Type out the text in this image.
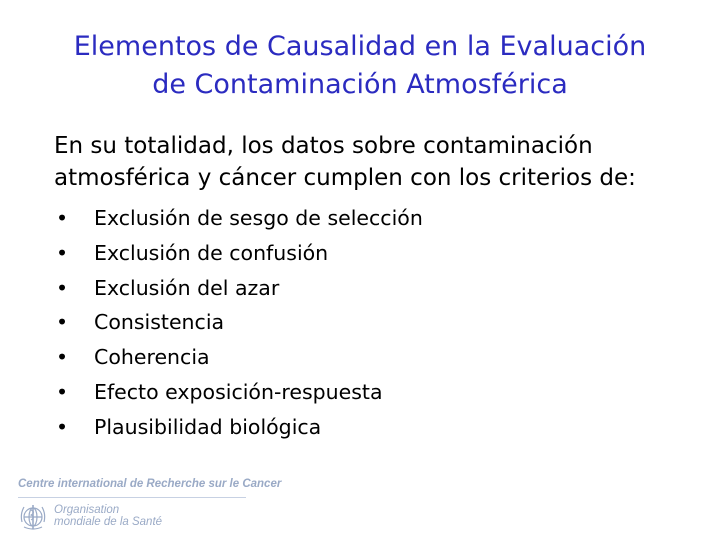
Elementos de Causalidad en la Evaluación
de Contaminación Atmosférica
En su totalidad, los datos sobre contaminación
atmosférica y cáncer cumplen con los criterios de:
•	Exclusión de sesgo de selección
•	Exclusión de confusión
•	Exclusión del azar
•	Consistencia
•	Coherencia
•	Efecto exposición-respuesta
•	Plausibilidad biológica
Centre international de Recherche sur le Cancer
Organisation
mondiale de la Santé
